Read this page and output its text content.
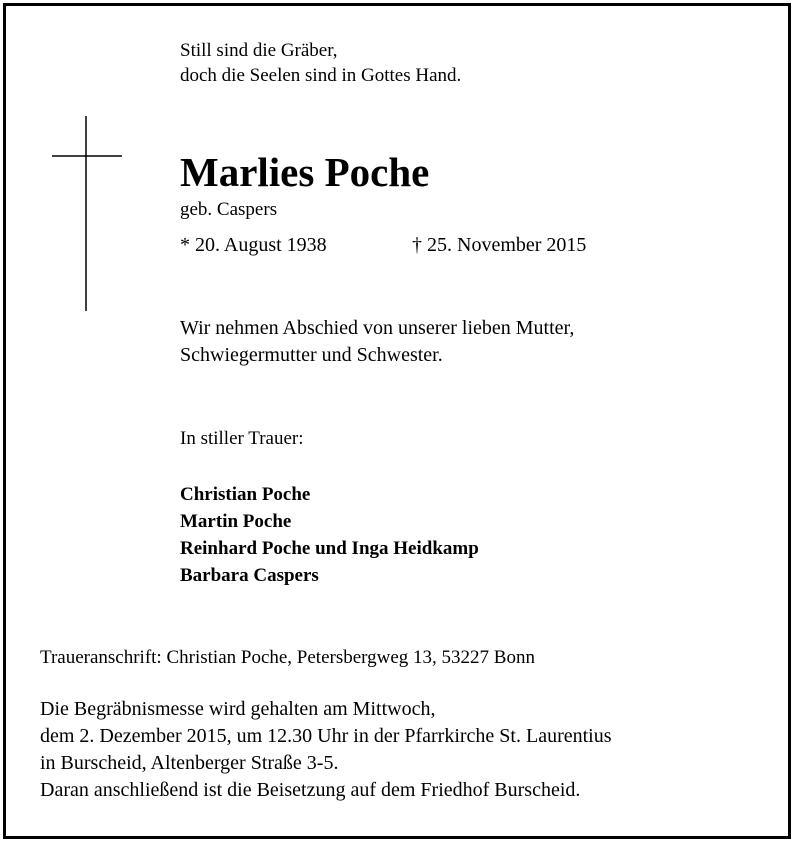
Still sind die Gräber,
doch die Seelen sind in Gottes Hand.
Marlies Poche
geb. Caspers
* 20. August 1938	† 25. November 2015
Wir nehmen Abschied von unserer lieben Mutter,
Schwiegermutter und Schwester.
In stiller Trauer:
Christian Poche
Martin Poche
Reinhard Poche und Inga Heidkamp
Barbara Caspers
Traueranschrift: Christian Poche, Petersbergweg 13, 53227 Bonn
Die Begräbnismesse wird gehalten am Mittwoch,
dem 2. Dezember 2015, um 12.30 Uhr in der Pfarrkirche St. Laurentius
in Burscheid, Altenberger Straße 3-5.
Daran anschließend ist die Beisetzung auf dem Friedhof Burscheid.
